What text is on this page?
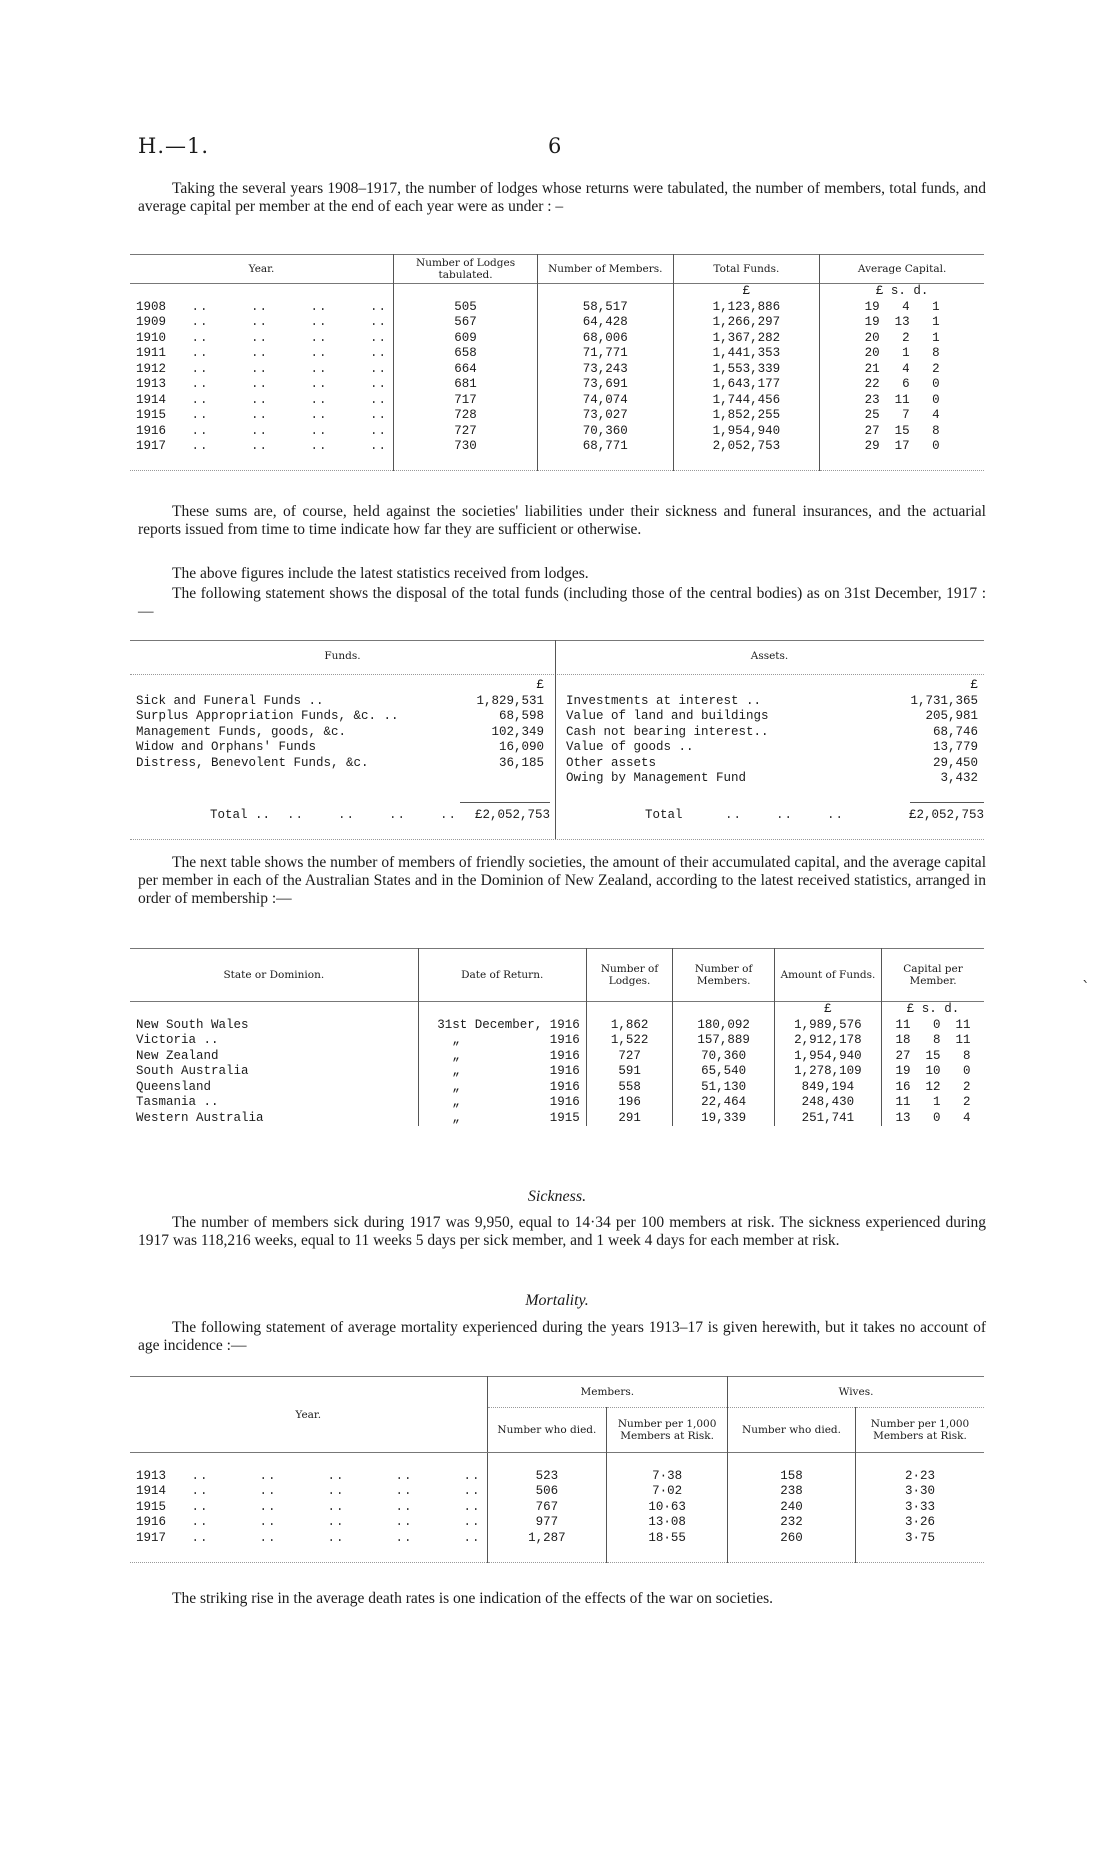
H.—1.	6
Taking the several years 1908–1917, the number of lodges whose returns were tabulated, the number of members, total funds, and average capital per member at the end of each year were as under : –
Year.	Number of Lodges tabulated.	Number of Members.	Total Funds.	Average Capital.
			£	£ s. d.
1908   ..     ..     ..     ..	505	58,517	1,123,886	19   4   1
1909   ..     ..     ..     ..	567	64,428	1,266,297	19  13   1
1910   ..     ..     ..     ..	609	68,006	1,367,282	20   2   1
1911   ..     ..     ..     ..	658	71,771	1,441,353	20   1   8
1912   ..     ..     ..     ..	664	73,243	1,553,339	21   4   2
1913   ..     ..     ..     ..	681	73,691	1,643,177	22   6   0
1914   ..     ..     ..     ..	717	74,074	1,744,456	23  11   0
1915   ..     ..     ..     ..	728	73,027	1,852,255	25   7   4
1916   ..     ..     ..     ..	727	70,360	1,954,940	27  15   8
1917   ..     ..     ..     ..	730	68,771	2,052,753	29  17   0

These sums are, of course, held against the societies' liabilities under their sickness and funeral insurances, and the actuarial reports issued from time to time indicate how far they are sufficient or otherwise.
The above figures include the latest statistics received from lodges.
The following statement shows the disposal of the total funds (including those of the central bodies) as on 31st December, 1917 :—
Funds.	Assets.
	£
Sick and Funeral Funds ..	1,829,531
Surplus Appropriation Funds, &c. ..	68,598
Management Funds, goods, &c.	102,349
Widow and Orphans' Funds	16,090
Distress, Benevolent Funds, &c.	36,185
	£
Investments at interest ..	1,731,365
Value of land and buildings	205,981
Cash not bearing interest..	68,746
Value of goods ..	13,779
Other assets	29,450
Owing by Management Fund	3,432
Total ..  ..    ..    ..    .. £2,052,753	Total     ..    ..    ..	£2,052,753
The next table shows the number of members of friendly societies, the amount of their accumulated capital, and the average capital per member in each of the Australian States and in the Dominion of New Zealand, according to the latest received statistics, arranged in order of membership :—
State or Dominion.	Date of Return.	Number of Lodges.	Number of Members.	Amount of Funds.	Capital per Member.
				£	£ s. d.
New South Wales	31st December, 1916	1,862	180,092	1,989,576	11   0  11
Victoria ..	„            1916	1,522	157,889	2,912,178	18   8  11
New Zealand	„            1916	727	70,360	1,954,940	27  15   8
South Australia	„            1916	591	65,540	1,278,109	19  10   0
Queensland	„            1916	558	51,130	849,194	16  12   2
Tasmania ..	„            1916	196	22,464	248,430	11   1   2
Western Australia	„            1915	291	19,339	251,741	13   0   4
`
Sickness.
The number of members sick during 1917 was 9,950, equal to 14·34 per 100 members at risk. The sickness experienced during 1917 was 118,216 weeks, equal to 11 weeks 5 days per sick member, and 1 week 4 days for each member at risk.
Mortality.
The following statement of average mortality experienced during the years 1913–17 is given herewith, but it takes no account of age incidence :—
Year.	Members.		Wives.	
	Number who died.	Number per 1,000 Members at Risk.	Number who died.	Number per 1,000 Members at Risk.

1913   ..      ..      ..      ..      ..	523	7·38	158	2·23
1914   ..      ..      ..      ..      ..	506	7·02	238	3·30
1915   ..      ..      ..      ..      ..	767	10·63	240	3·33
1916   ..      ..      ..      ..      ..	977	13·08	232	3·26
1917   ..      ..      ..      ..      ..	1,287	18·55	260	3·75

The striking rise in the average death rates is one indication of the effects of the war on societies.
